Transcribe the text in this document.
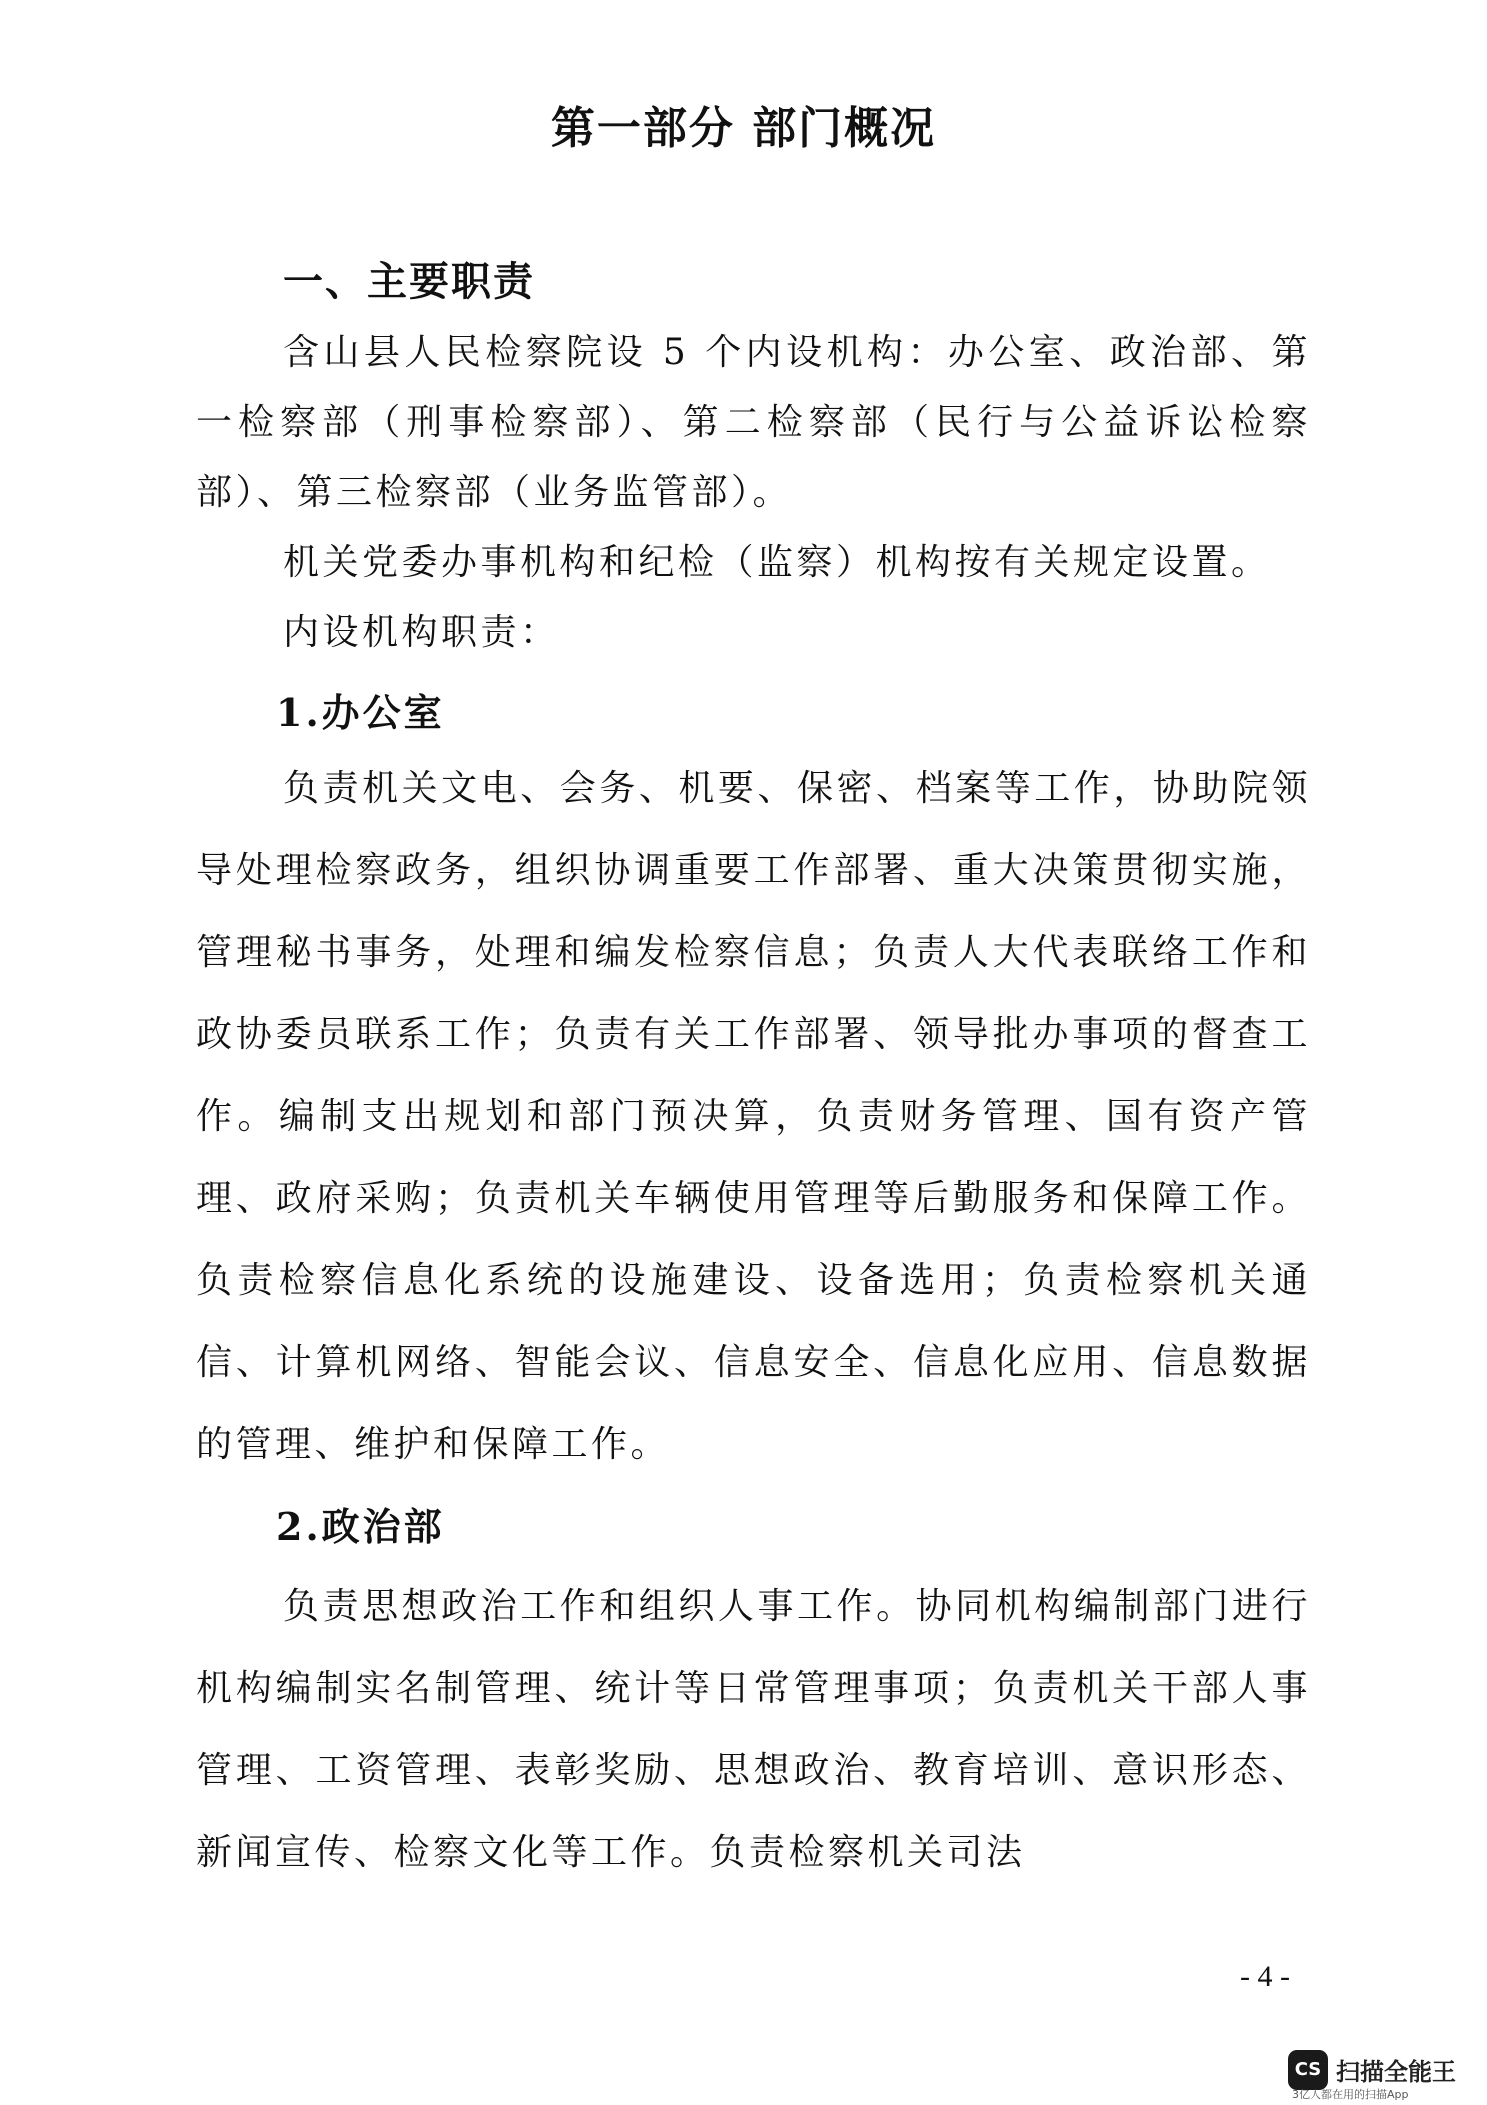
第一部分 部门概况
一、主要职责

含山县人民检察院设 5 个内设机构：办公室、政治部、第一检察部（刑事检察部）、第二检察部（民行与公益诉讼检察部）、第三检察部（业务监管部）。

机关党委办事机构和纪检（监察）机构按有关规定设置。

内设机构职责：

1.办公室

负责机关文电、会务、机要、保密、档案等工作，协助院领导处理检察政务，组织协调重要工作部署、重大决策贯彻实施，管理秘书事务，处理和编发检察信息；负责人大代表联络工作和政协委员联系工作；负责有关工作部署、领导批办事项的督查工作。编制支出规划和部门预决算，负责财务管理、国有资产管理、政府采购；负责机关车辆使用管理等后勤服务和保障工作。负责检察信息化系统的设施建设、设备选用；负责检察机关通信、计算机网络、智能会议、信息安全、信息化应用、信息数据的管理、维护和保障工作。

2.政治部

负责思想政治工作和组织人事工作。协同机构编制部门进行机构编制实名制管理、统计等日常管理事项；负责机关干部人事管理、工资管理、表彰奖励、思想政治、教育培训、意识形态、新闻宣传、检察文化等工作。负责检察机关司法

- 4 -
CS 扫描全能王
3亿人都在用的扫描App
